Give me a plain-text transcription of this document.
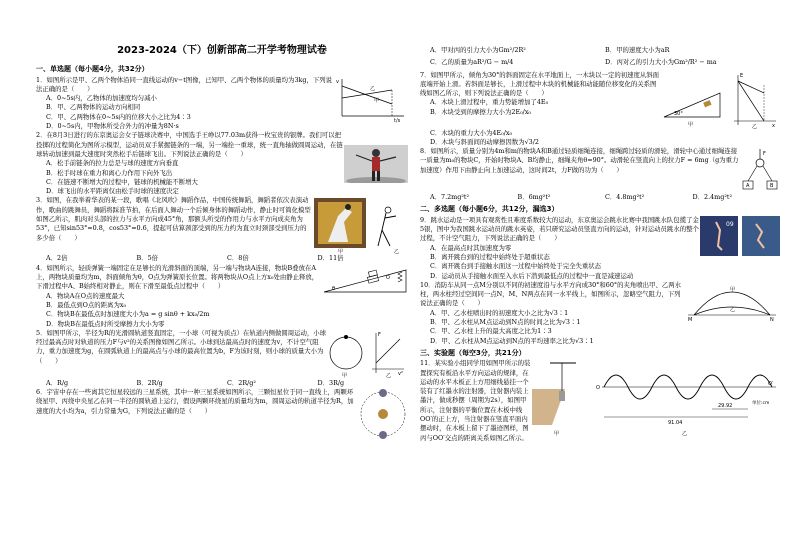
2023-2024（下）创新部高二开学考物理试卷
一、单选题（每小题4分，共32分）
1．如图所示是甲、乙两个物体沿同一直线运动的v−t图像，已知甲、乙两个物体的质量均为3kg，下列说法正确的是（　　）
A．0~5s内，乙物体的加速度均匀减小
B．甲、乙两物体的运动方向相同
C．甲、乙两物体在0~5s内的位移大小之比为4∶3
D．0~5s内，甲物体所受合外力的冲量为8N·s
v
t/s
甲
乙
2．在8月3日进行的东京奥运会女子链球决赛中，中国选手王峥以77.03m获得一枚宝贵的银牌。我们可以把投掷的过程简化为图所示模型，运动员双手紧握链条的一端，另一端拴一重球，统一直角轴做圆周运动，在链球转动加速到最大速度时突然松手后链球飞出。下列说法正确的是（　　）
A．松手前链条的拉力总是与球的速度方向垂直
B．松手时球在重力和离心力作用下向外飞出
C．在链速不断增大的过程中，链球的机械能不断增大
D．球飞出的水平距离仅由松手时球的速度决定
3．如图，在我举着华表的某一段，歌唱《北风吹》舞蹈作品，中国传统舞蹈，舞蹈者依次表演动作，歌曲的跳舞员，舞蹈将踩准节拍，在后面人舞动一个后倾身体的舞蹈动作，静止时可简化模型如图乙所示，肌肉对头部的拉力与水平方向成45°角，那额头所受的作用力与水平方向成夹角为53°，已知sin53°=0.8，cos53°=0.6，提起可估算颈部受到的压力约为直立时颈部受到压力的多少倍（　　）
甲	乙
A．2倍	B．5倍	C．8倍	D．11倍
4．如图所示，轻质弹簧一端固定在足够长的光滑斜面的顶端，另一端与物块A连接，物块B叠放在A上，两物块质量均为m，斜面倾角为θ，O点为弹簧原长位置。将两物块从O点上方x₀处由静止释放，下滑过程中A、B始终相对静止，则在下滑至最低点过程中（　　）
A．物块A在O点的速度最大
B．最低点到O点的距离为x₀
C．物块B在最低点时加速度大小为a = g sinθ + kx₀/2m
D．物块B在最低点时所受摩擦力大小为零
θ
O
5．如图甲所示，半径为R的光滑圆轨道竖直固定，一小球（可视为质点）在轨道内侧做圆周运动，小球经过最高点时对轨道的压力F与v²的关系图像如图乙所示。小球到达最高点时的速度为v，不计空气阻力，重力加速度为g，在圆弧轨道上的最高点与小球的最高位置为b，F为该时刻，则小球的质量大小为（　　）
甲
F
v²
乙
A．R/g	B．2R/g	C．2R/g²	D．3R/g
6．宇宙中存在一些离其它恒星较远的三星系统，其中一种三星系统如图所示，三颗恒星位于同一直线上，两颗环绕星甲、丙绕中央星乙在同一半径的圆轨道上运行，假设两颗环绕星的质量均为m，圆周运动的轨道半径为R，加速度的大小均为a，引力常量为G，下列说法正确的是（　　）
A．甲对丙的引力大小为Gm²/2R²	B．甲的速度大小为aR
C．乙的质量为aR²/G − m/4	D．丙对乙的引力大小为Gm²/R² − ma
7．如图甲所示，倾角为30°的斜面固定在水平地面上，一木块以一定的初速度从斜面底端开始上滑。若斜面足够长，上滑过程中木块的机械能和动能随位移变化的关系图线如图乙所示，则下列说法正确的是（　　）
A．木块上滑过程中，重力势能增加了4E₀
B．木块受到的摩擦力大小为2E₀/x₀	30°
甲
E
x
乙
C．木块的重力大小为4E₀/x₀
D．木块与斜面间的动摩擦因数为√3/2
8．如图所示，质量分别为4m和m的物块A和B通过轻质细绳连接，细绳跨过轻质的滑轮，滑轮中心通过细绳连接一质量为m₀的物块C，开始时物块A、B均静止，细绳夹角θ=90°。动滑轮在竖直向上的拉力F = 6mg（g为重力加速度）作用下由静止向上加速运动，这时间2t，力F做的功为（　　）
F
A	B
A．7.2mg²t²	B．6mg²t²	C．4.8mg²t²	D．2.4mg²t²
二、多选题（每小题6分，共12分，漏选3）
9．跳水运动是一项具有观赏性且难度系数较大的运动，东京奥运会跳水比赛中我国跳水队包揽了金5银，图中为我国跳水运动员的跳水英姿，若只研究运动员竖直方向的运动，针对运动员跳水的整个过程，不计空气阻力，下列说法正确的是（　　）
A．在最高点时其加速度为零
B．离开跳台到的过程中始终处于超重状态
C．离开跳台到手接触水面这一过程中始终处于完全失重状态
09
D．运动员从手接触水面至入水后下潜到最低点的过程中一直是减速运动
10．消防车从同一点M分别以不同的初速度沿与水平方向成30°和60°的夹角喷出甲、乙两水柱，两水柱经过空间同一点N，M、N两点在同一水平线上，如图所示，忽略空气阻力，下列说法正确的是（　　）
A．甲、乙水柱喷出时的初速度大小之比为√3∶1
B．甲、乙水柱从M点运动到N点的时间之比为√3∶1
C．甲、乙水柱上升的最大高度之比为1∶3
D．甲、乙水柱从M点运动到N点的平均速率之比为√3∶1
M	N
甲
乙
三、实验题（每空3分，共21分）
11．某实验小组同学用如图甲所示的装置探究有板沿水平方向运动的规律，在运动的水平木板正上方用细线悬挂一个装有了红墨水的注射器，注射器内装上墨汁，做成秒摆（周期为2s），如图甲所示，注射器的平衡位置在木板中线OO′的正上方，当注射器在竖直平面内摆动时，在木板上留下了墨迹图样，图丙与OO′交点的距离关系如图乙所示。	甲
O
O′
29.92
91.04
单位:cm
乙
